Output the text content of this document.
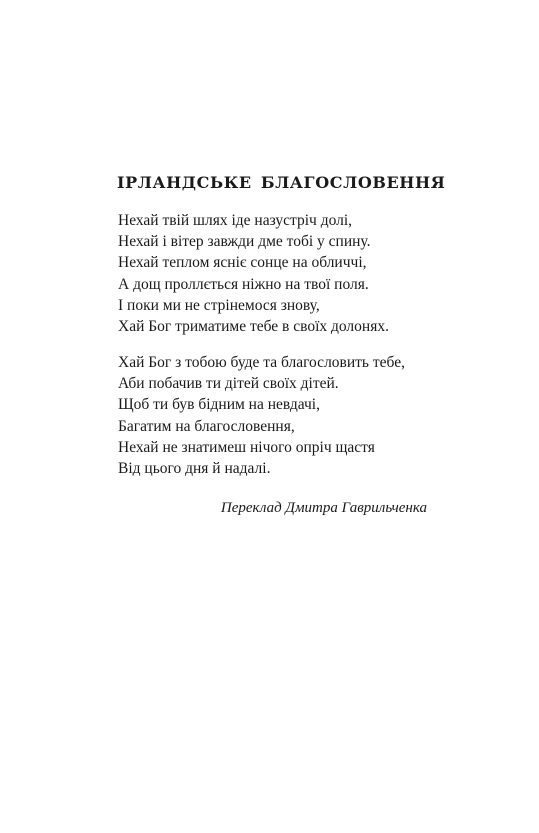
ІРЛАНДСЬКЕ БЛАГОСЛОВЕННЯ
Нехай твій шлях іде назустріч долі,
Нехай і вітер завжди дме тобі у спину.
Нехай теплом яснiє сонце на обличчі,
А дощ проллється ніжно на твої поля.
І поки ми не стрінемося знову,
Хай Бог триматиме тебе в своїх долонях.
Хай Бог з тобою буде та благословить тебе,
Аби побачив ти дітей своїх дітей.
Щоб ти був бідним на невдачі,
Багатим на благословення,
Нехай не знатимеш нічого опріч щастя
Від цього дня й надалі.
Переклад Дмитра Гаврильченка
